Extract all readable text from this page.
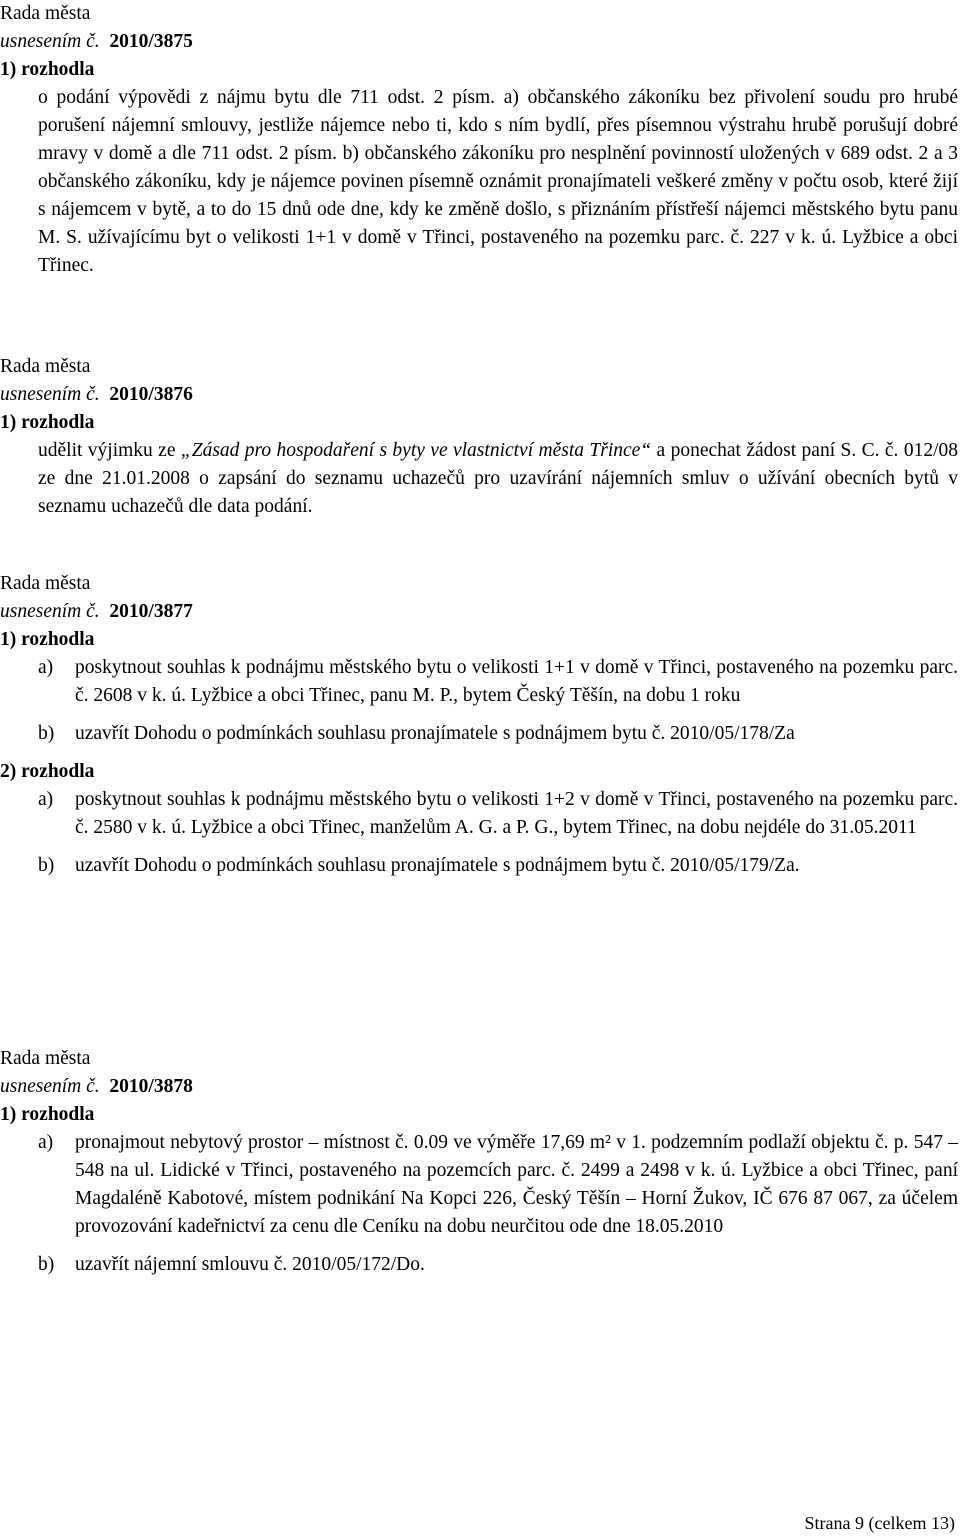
Rada města
usnesením č. 2010/3875
1) rozhodla
o podání výpovědi z nájmu bytu dle 711 odst. 2 písm. a) občanského zákoníku bez přivolení soudu pro hrubé porušení nájemní smlouvy, jestliže nájemce nebo ti, kdo s ním bydlí, přes písemnou výstrahu hrubě porušují dobré mravy v domě a dle 711 odst. 2 písm. b) občanského zákoníku pro nesplnění povinností uložených v 689 odst. 2 a 3 občanského zákoníku, kdy je nájemce povinen písemně oznámit pronajímateli veškeré změny v počtu osob, které žijí s nájemcem v bytě, a to do 15 dnů ode dne, kdy ke změně došlo, s přiznáním přístřeší nájemci městského bytu panu M. S. užívajícímu byt o velikosti 1+1 v domě v Třinci, postaveného na pozemku parc. č. 227 v k. ú. Lyžbice a obci Třinec.
Rada města
usnesením č. 2010/3876
1) rozhodla
udělit výjimku ze „Zásad pro hospodaření s byty ve vlastnictví města Třince“ a ponechat žádost paní S. C. č. 012/08 ze dne 21.01.2008 o zapsání do seznamu uchazečů pro uzavírání nájemních smluv o užívání obecních bytů v seznamu uchazečů dle data podání.
Rada města
usnesením č. 2010/3877
1) rozhodla
a)	poskytnout souhlas k podnájmu městského bytu o velikosti 1+1 v domě v Třinci, postaveného na pozemku parc. č. 2608 v k. ú. Lyžbice a obci Třinec, panu M. P., bytem Český Těšín, na dobu 1 roku
b)	uzavřít Dohodu o podmínkách souhlasu pronajímatele s podnájmem bytu č. 2010/05/178/Za
2) rozhodla
a)	poskytnout souhlas k podnájmu městského bytu o velikosti 1+2 v domě v Třinci, postaveného na pozemku parc. č. 2580 v k. ú. Lyžbice a obci Třinec, manželům A. G. a P. G., bytem Třinec, na dobu nejdéle do 31.05.2011
b)	uzavřít Dohodu o podmínkách souhlasu pronajímatele s podnájmem bytu č. 2010/05/179/Za.
Rada města
usnesením č. 2010/3878
1) rozhodla
a)	pronajmout nebytový prostor – místnost č. 0.09 ve výměře 17,69 m² v 1. podzemním podlaží objektu č. p. 547 – 548 na ul. Lidické v Třinci, postaveného na pozemcích parc. č. 2499 a 2498 v k. ú. Lyžbice a obci Třinec, paní Magdaléně Kabotové, místem podnikání Na Kopci 226, Český Těšín – Horní Žukov, IČ 676 87 067, za účelem provozování kadeřnictví za cenu dle Ceníku na dobu neurčitou ode dne 18.05.2010
b)	uzavřít nájemní smlouvu č. 2010/05/172/Do.
Strana 9 (celkem 13)
